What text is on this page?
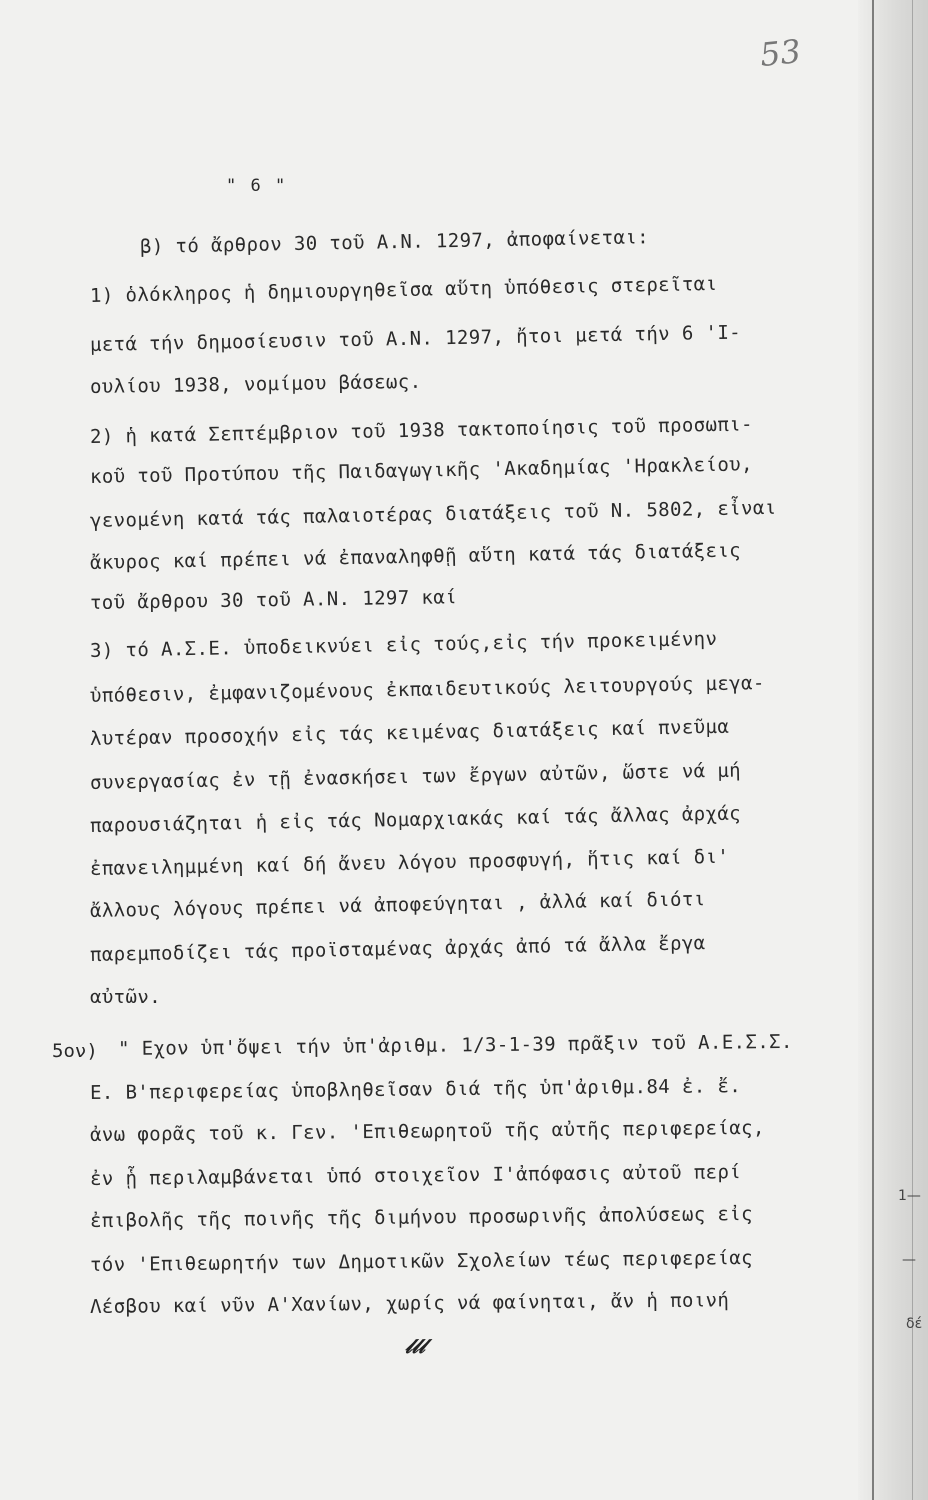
1—
—
δέ
53
" 6 "
β) τό ἄρθρον 30 τοῦ Α.Ν. 1297, ἀποφαίνεται:
1) ὁλόκληρος ἡ δημιουργηθεῖσα αὕτη ὑπόθεσις στερεῖται
μετά τήν δημοσίευσιν τοῦ Α.Ν. 1297, ἤτοι μετά τήν 6 'Ι-
ουλίου 1938, νομίμου βάσεως.
2) ἡ κατά Σεπτέμβριον τοῦ 1938 τακτοποίησις τοῦ προσωπι-
κοῦ τοῦ Προτύπου τῆς Παιδαγωγικῆς 'Ακαδημίας 'Ηρακλείου,
γενομένη κατά τάς παλαιοτέρας διατάξεις τοῦ Ν. 5802, εἶναι
ἄκυρος καί πρέπει νά ἐπαναληφθῇ αὕτη κατά τάς διατάξεις
τοῦ ἄρθρου 30 τοῦ Α.Ν. 1297 καί
3) τό Α.Σ.Ε. ὑποδεικνύει εἰς τούς,εἰς τήν προκειμένην
ὑπόθεσιν, ἐμφανιζομένους ἐκπαιδευτικούς λειτουργούς μεγα-
λυτέραν προσοχήν εἰς τάς κειμένας διατάξεις καί πνεῦμα
συνεργασίας ἐν τῇ ἐνασκήσει των ἔργων αὐτῶν, ὥστε νά μή
παρουσιάζηται ἡ εἰς τάς Νομαρχιακάς καί τάς ἄλλας ἀρχάς
ἐπανειλημμένη καί δή ἄνευ λόγου προσφυγή, ἥτις καί δι'
ἄλλους λόγους πρέπει νά ἀποφεύγηται , ἀλλά καί διότι
παρεμποδίζει τάς προϊσταμένας ἀρχάς ἀπό τά ἄλλα ἔργα
αὐτῶν.
5ον) " Εχον ὑπ'ὄψει τήν ὑπ'ἀριθμ. 1/3-1-39 πρᾶξιν τοῦ Α.Ε.Σ.Σ.
Ε. Β'περιφερείας ὑποβληθεῖσαν διά τῆς ὑπ'ἀριθμ.84 ἐ. ἔ.
ἀνω φορᾶς τοῦ κ. Γεν. 'Επιθεωρητοῦ τῆς αὐτῆς περιφερείας,
ἐν ᾗ περιλαμβάνεται ὑπό στοιχεῖον Ι'ἀπόφασις αὐτοῦ περί
ἐπιβολῆς τῆς ποινῆς τῆς διμήνου προσωρινῆς ἀπολύσεως εἰς
τόν 'Επιθεωρητήν των Δημοτικῶν Σχολείων τέως περιφερείας
Λέσβου καί νῦν Α'Χανίων, χωρίς νά φαίνηται, ἄν ἡ ποινή
𝓁𝓁𝓁
